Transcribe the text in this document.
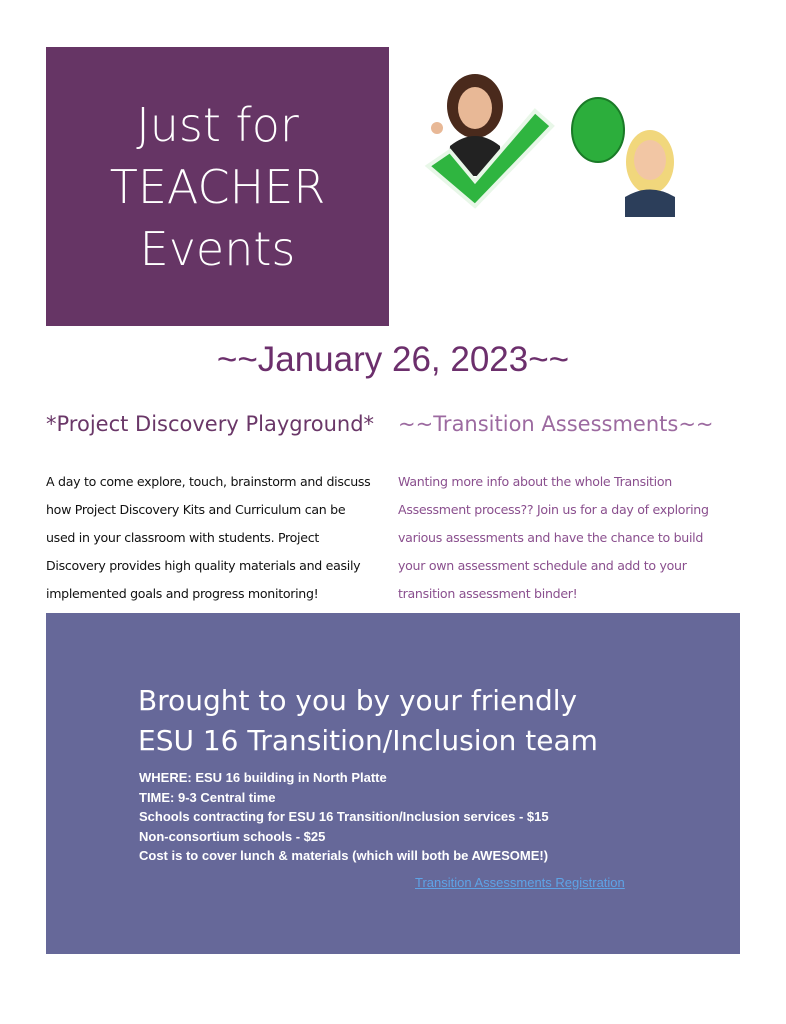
Just for
TEACHER
Events
~~January 26, 2023~~
*Project Discovery Playground* ~~Transition Assessments~~
A day to come explore, touch, brainstorm and discuss
how Project Discovery Kits and Curriculum can be
used in your classroom with students. Project
Discovery provides high quality materials and easily
implemented goals and progress monitoring!
Wanting more info about the whole Transition
Assessment process?? Join us for a day of exploring
various assessments and have the chance to build
your own assessment schedule and add to your
transition assessment binder!
Brought to you by your friendly
ESU 16 Transition/Inclusion team
WHERE: ESU 16 building in North Platte
TIME: 9-3 Central time
Schools contracting for ESU 16 Transition/Inclusion services - $15
Non-consortium schools - $25
Cost is to cover lunch & materials (which will both be AWESOME!)
Transition Assessments Registration
